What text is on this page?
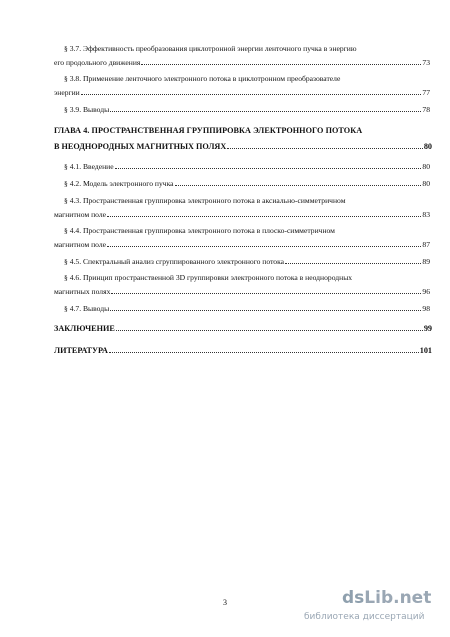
§ 3.7. Эффективность преобразования циклотронной энергии ленточного пучка в энергию
его продольного движения	73
§ 3.8. Применение ленточного электронного потока в циклотронном преобразователе
энергии	77
§ 3.9. Выводы	78
ГЛАВА 4. ПРОСТРАНСТВЕННАЯ ГРУППИРОВКА ЭЛЕКТРОННОГО ПОТОКА
В НЕОДНОРОДНЫХ МАГНИТНЫХ ПОЛЯХ	80
§ 4.1. Введение	80
§ 4.2. Модель электронного пучка	80
§ 4.3. Пространственная группировка электронного потока в аксиально-симметричном
магнитном поле	83
§ 4.4. Пространственная группировка электронного потока в плоско-симметричном
магнитном поле	87
§ 4.5. Спектральный анализ сгруппированного электронного потока	89
§ 4.6. Принцип пространственной 3D группировки электронного потока в неоднородных
магнитных полях	96
§ 4.7. Выводы	98
ЗАКЛЮЧЕНИЕ	99
ЛИТЕРАТУРА	101
3	dsLib.net
библиотека диссертаций
